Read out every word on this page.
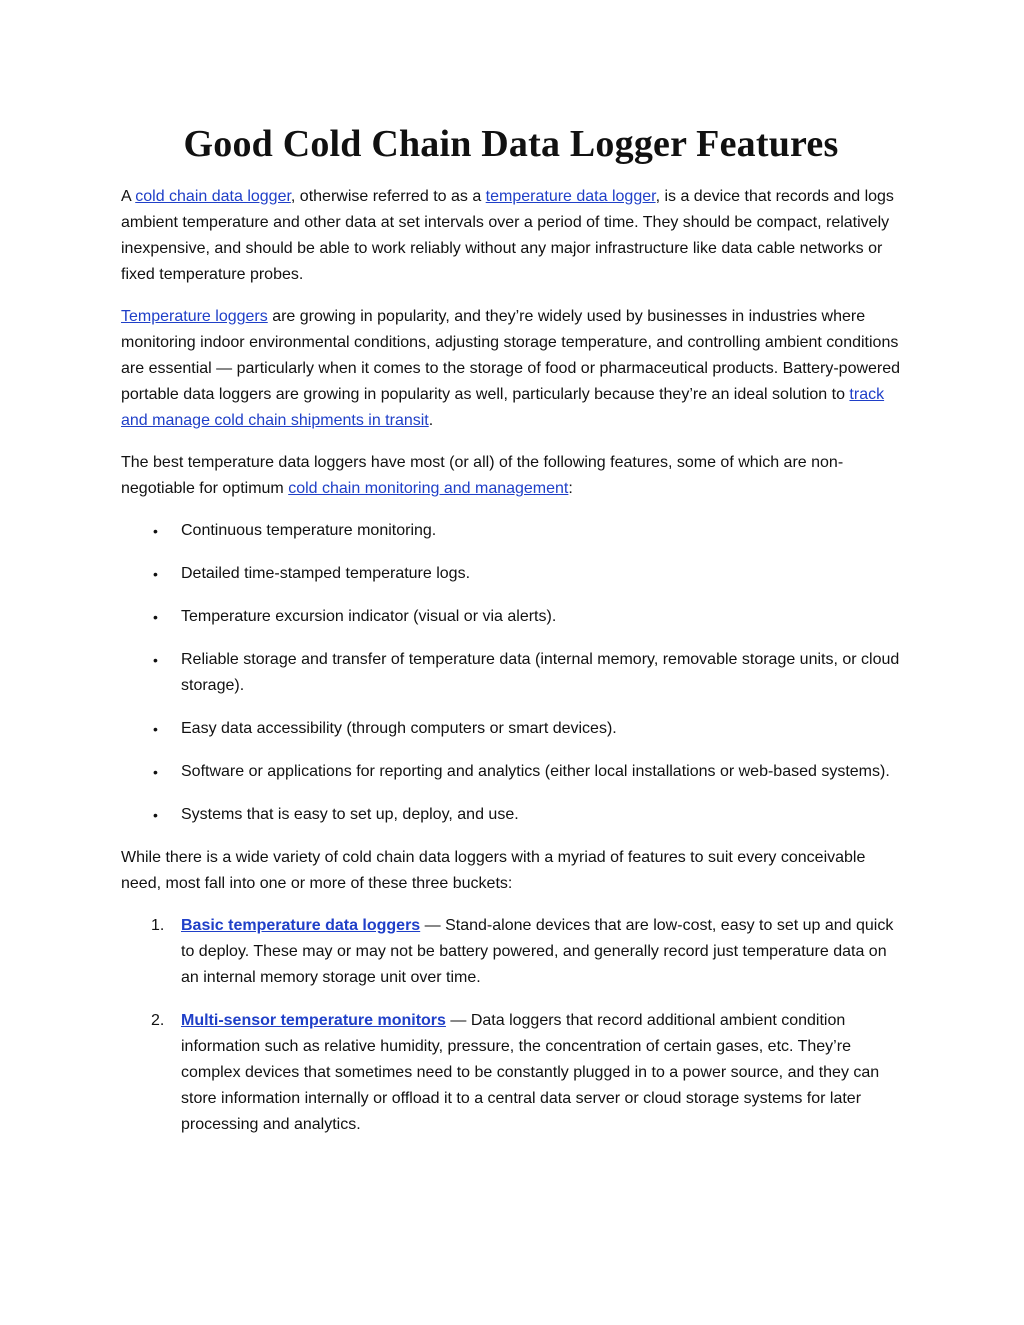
Good Cold Chain Data Logger Features

A cold chain data logger, otherwise referred to as a temperature data logger, is a device that records and logs ambient temperature and other data at set intervals over a period of time. They should be compact, relatively inexpensive, and should be able to work reliably without any major infrastructure like data cable networks or fixed temperature probes.

Temperature loggers are growing in popularity, and they’re widely used by businesses in industries where monitoring indoor environmental conditions, adjusting storage temperature, and controlling ambient conditions are essential — particularly when it comes to the storage of food or pharmaceutical products. Battery-powered portable data loggers are growing in popularity as well, particularly because they’re an ideal solution to track and manage cold chain shipments in transit.

The best temperature data loggers have most (or all) of the following features, some of which are non-negotiable for optimum cold chain monitoring and management:

• Continuous temperature monitoring.
• Detailed time-stamped temperature logs.
• Temperature excursion indicator (visual or via alerts).
• Reliable storage and transfer of temperature data (internal memory, removable storage units, or cloud storage).
• Easy data accessibility (through computers or smart devices).
• Software or applications for reporting and analytics (either local installations or web-based systems).
• Systems that is easy to set up, deploy, and use.

While there is a wide variety of cold chain data loggers with a myriad of features to suit every conceivable need, most fall into one or more of these three buckets:

1. Basic temperature data loggers — Stand-alone devices that are low-cost, easy to set up and quick to deploy. These may or may not be battery powered, and generally record just temperature data on an internal memory storage unit over time.
2. Multi-sensor temperature monitors — Data loggers that record additional ambient condition information such as relative humidity, pressure, the concentration of certain gases, etc. They’re complex devices that sometimes need to be constantly plugged in to a power source, and they can store information internally or offload it to a central data server or cloud storage systems for later processing and analytics.
